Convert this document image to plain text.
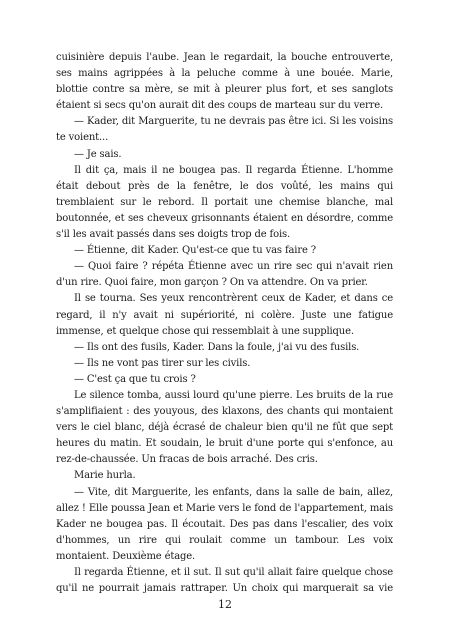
cuisinière depuis l'aube. Jean le regardait, la bouche entrouverte, ses mains agrippées à la peluche comme à une bouée. Marie, blottie contre sa mère, se mit à pleurer plus fort, et ses sanglots étaient si secs qu'on aurait dit des coups de marteau sur du verre.

— Kader, dit Marguerite, tu ne devrais pas être ici. Si les voisins te voient...

— Je sais.

Il dit ça, mais il ne bougea pas. Il regarda Étienne. L'homme était debout près de la fenêtre, le dos voûté, les mains qui tremblaient sur le rebord. Il portait une chemise blanche, mal boutonnée, et ses cheveux grisonnants étaient en désordre, comme s'il les avait passés dans ses doigts trop de fois.

— Étienne, dit Kader. Qu'est-ce que tu vas faire ?

— Quoi faire ? répéta Étienne avec un rire sec qui n'avait rien d'un rire. Quoi faire, mon garçon ? On va attendre. On va prier.

Il se tourna. Ses yeux rencontrèrent ceux de Kader, et dans ce regard, il n'y avait ni supériorité, ni colère. Juste une fatigue immense, et quelque chose qui ressemblait à une supplique.

— Ils ont des fusils, Kader. Dans la foule, j'ai vu des fusils.

— Ils ne vont pas tirer sur les civils.

— C'est ça que tu crois ?

Le silence tomba, aussi lourd qu'une pierre. Les bruits de la rue s'amplifiaient : des youyous, des klaxons, des chants qui montaient vers le ciel blanc, déjà écrasé de chaleur bien qu'il ne fût que sept heures du matin. Et soudain, le bruit d'une porte qui s'enfonce, au rez-de-chaussée. Un fracas de bois arraché. Des cris.

Marie hurla.

— Vite, dit Marguerite, les enfants, dans la salle de bain, allez, allez ! Elle poussa Jean et Marie vers le fond de l'appartement, mais Kader ne bougea pas. Il écoutait. Des pas dans l'escalier, des voix d'hommes, un rire qui roulait comme un tambour. Les voix montaient. Deuxième étage.

Il regarda Étienne, et il sut. Il sut qu'il allait faire quelque chose qu'il ne pourrait jamais rattraper. Un choix qui marquerait sa vie

12
